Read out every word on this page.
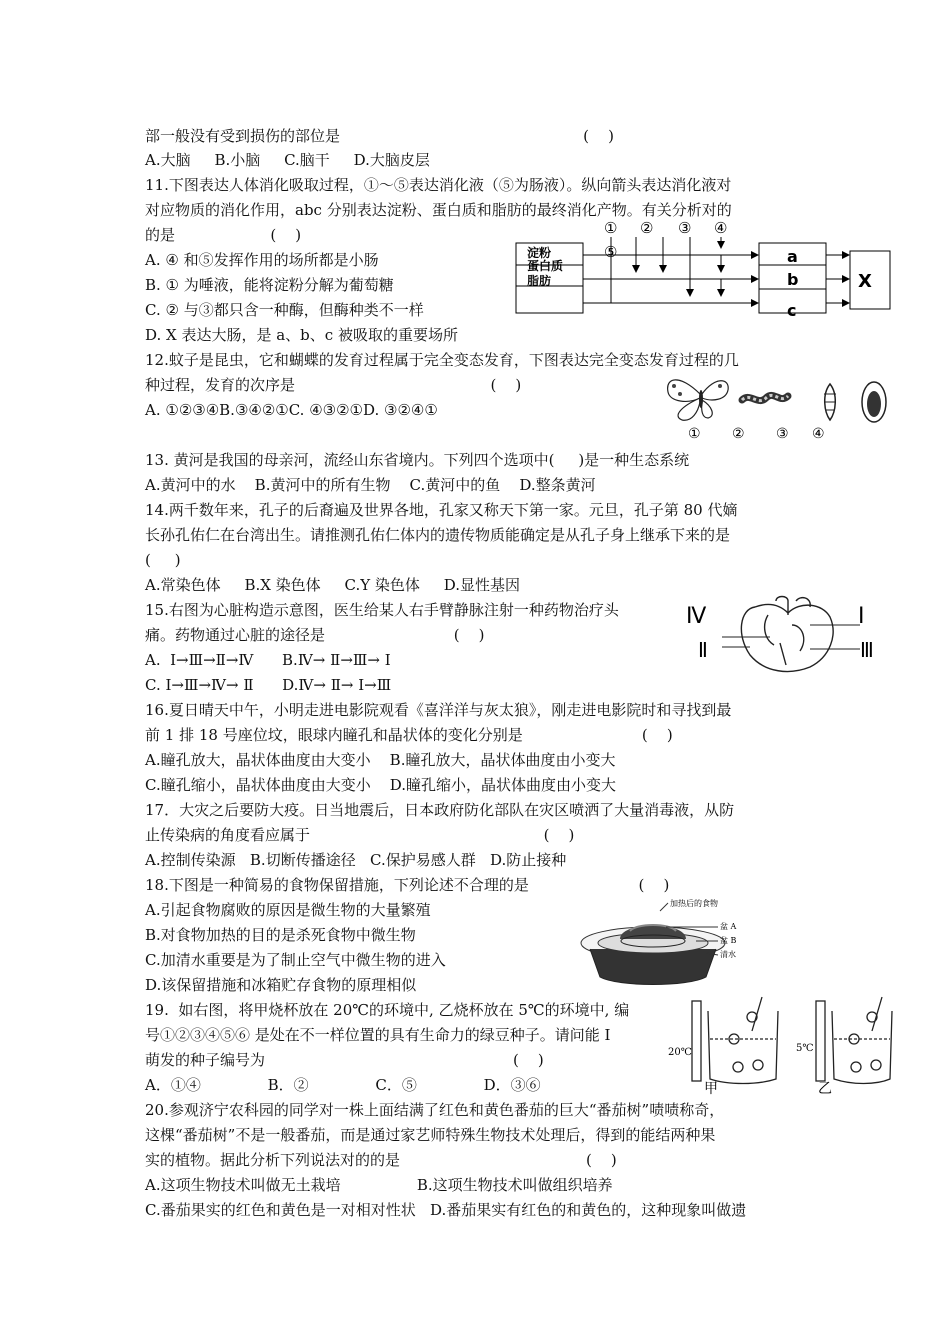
部一般没有受到损伤的部位是                                                   (    )
A.大脑     B.小脑     C.脑干     D.大脑皮层
11.下图表达人体消化吸取过程，①～⑤表达消化液（⑤为肠液）。纵向箭头表达消化液对
对应物质的消化作用，abc 分别表达淀粉、蛋白质和脂肪的最终消化产物。有关分析对的
的是                    (    )
A. ④ 和⑤发挥作用的场所都是小肠
B. ① 为唾液，能将淀粉分解为葡萄糖
C. ② 与③都只含一种酶，但酶种类不一样
D. X 表达大肠，是 a、b、c 被吸取的重要场所
12.蚊子是昆虫，它和蝴蝶的发育过程属于完全变态发育，下图表达完全变态发育过程的几
种过程，发育的次序是                                         (    )
A. ①②③④B.③④②①C. ④③②①D. ③②④①
13. 黄河是我国的母亲河，流经山东省境内。下列四个选项中(     )是一种生态系统
A.黄河中的水    B.黄河中的所有生物    C.黄河中的鱼    D.整条黄河
14.两千数年来，孔子的后裔遍及世界各地，孔家又称天下第一家。元旦，孔子第 80 代嫡
长孙孔佑仁在台湾出生。请推测孔佑仁体内的遗传物质能确定是从孔子身上继承下来的是
(     )
A.常染色体     B.X 染色体     C.Y 染色体     D.显性基因
15.右图为心脏构造示意图，医生给某人右手臂静脉注射一种药物治疗头
痛。药物通过心脏的途径是                           (    )
A.  Ⅰ→Ⅲ→Ⅱ→Ⅳ      B.Ⅳ→ Ⅱ→Ⅲ→ Ⅰ
C. Ⅰ→Ⅲ→Ⅳ→ Ⅱ      D.Ⅳ→ Ⅱ→ Ⅰ→Ⅲ
16.夏日晴天中午，小明走进电影院观看《喜洋洋与灰太狼》，刚走进电影院时和寻找到最
前 1 排 18 号座位坟，眼球内瞳孔和晶状体的变化分别是                         (    )
A.瞳孔放大，晶状体曲度由大变小    B.瞳孔放大，晶状体曲度由小变大
C.瞳孔缩小，晶状体曲度由大变小    D.瞳孔缩小，晶状体曲度由小变大
17．大灾之后要防大疫。日当地震后，日本政府防化部队在灾区喷洒了大量消毒液，从防
止传染病的角度看应属于                                                 (    )
A.控制传染源   B.切断传播途径   C.保护易感人群   D.防止接种
18.下图是一种简易的食物保留措施，下列论述不合理的是                       (    )
A.引起食物腐败的原因是微生物的大量繁殖
B.对食物加热的目的是杀死食物中微生物
C.加清水重要是为了制止空气中微生物的进入
D.该保留措施和冰箱贮存食物的原理相似
19.  如右图，将甲烧杯放在 20℃的环境中, 乙烧杯放在 5℃的环境中, 编
号①②③④⑤⑥ 是处在不一样位置的具有生命力的绿豆种子。请问能 I
萌发的种子编号为                                                    (    )
A．①④              B．②              C．⑤              D．③⑥
20.参观济宁农科园的同学对一株上面结满了红色和黄色番茄的巨大“番茄树”啧啧称奇，
这棵“番茄树”不是一般番茄，而是通过家艺师特殊生物技术处理后，得到的能结两种果
实的植物。据此分析下列说法对的的是                                       (    )
A.这项生物技术叫做无土栽培                B.这项生物技术叫做组织培养
C.番茄果实的红色和黄色是一对相对性状   D.番茄果实有红色的和黄色的，这种现象叫做遗
淀粉
蛋白质
脂肪
① ② ③ ④
⑤	a
b
c
X
① ② ③ ④
Ⅳ	Ⅰ
Ⅱ	Ⅲ
加热后的食物
盆 A
盆 B
清水
20℃	5℃
甲	乙
